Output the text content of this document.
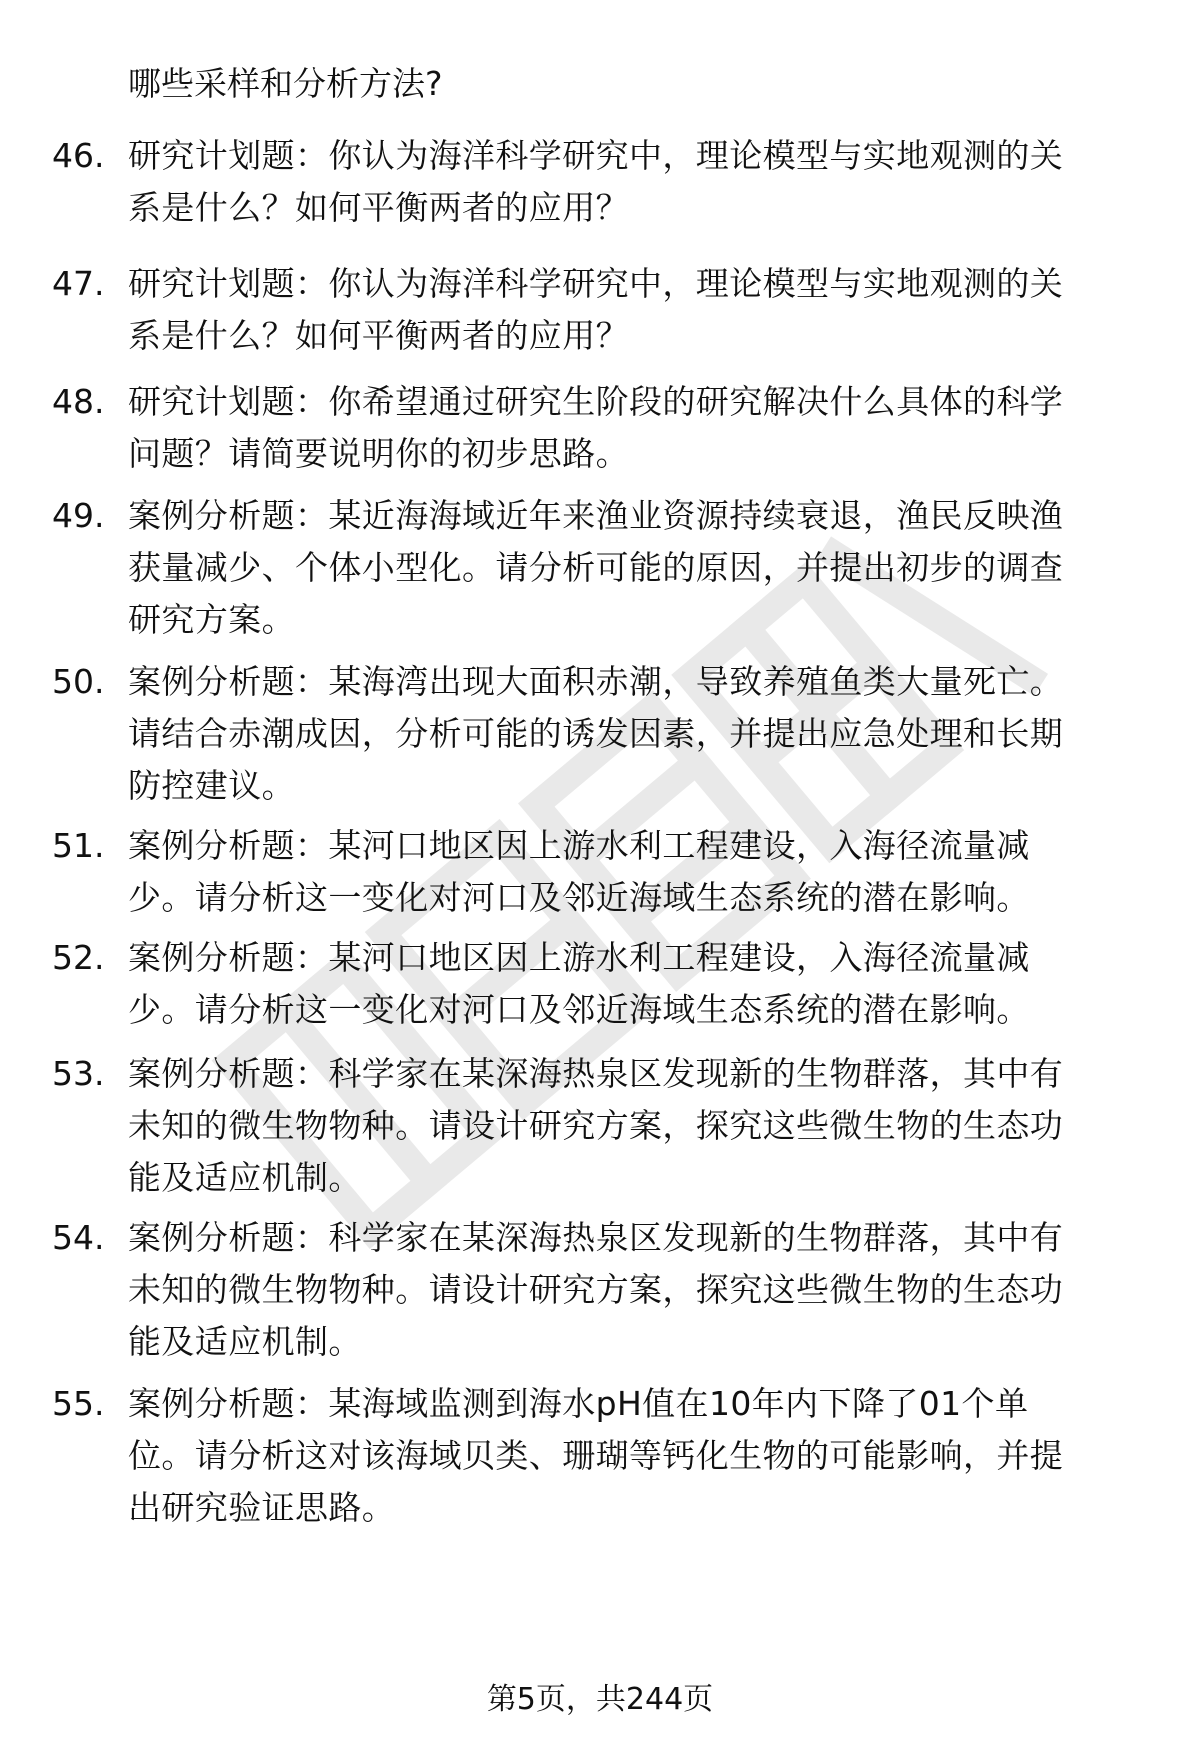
哪些采样和分析方法?
46. 研究计划题：你认为海洋科学研究中，理论模型与实地观测的关
系是什么？如何平衡两者的应用？
47. 研究计划题：你认为海洋科学研究中，理论模型与实地观测的关
系是什么？如何平衡两者的应用？
48. 研究计划题：你希望通过研究生阶段的研究解决什么具体的科学
问题？请简要说明你的初步思路。
49. 案例分析题：某近海海域近年来渔业资源持续衰退，渔民反映渔
获量减少、个体小型化。请分析可能的原因，并提出初步的调查
研究方案。
50. 案例分析题：某海湾出现大面积赤潮，导致养殖鱼类大量死亡。
请结合赤潮成因，分析可能的诱发因素，并提出应急处理和长期
防控建议。
51. 案例分析题：某河口地区因上游水利工程建设，入海径流量减
少。请分析这一变化对河口及邻近海域生态系统的潜在影响。
52. 案例分析题：某河口地区因上游水利工程建设，入海径流量减
少。请分析这一变化对河口及邻近海域生态系统的潜在影响。
53. 案例分析题：科学家在某深海热泉区发现新的生物群落，其中有
未知的微生物物种。请设计研究方案，探究这些微生物的生态功
能及适应机制。
54. 案例分析题：科学家在某深海热泉区发现新的生物群落，其中有
未知的微生物物种。请设计研究方案，探究这些微生物的生态功
能及适应机制。
55. 案例分析题：某海域监测到海水pH值在10年内下降了01个单
位。请分析这对该海域贝类、珊瑚等钙化生物的可能影响，并提
出研究验证思路。
第5页，共244页
